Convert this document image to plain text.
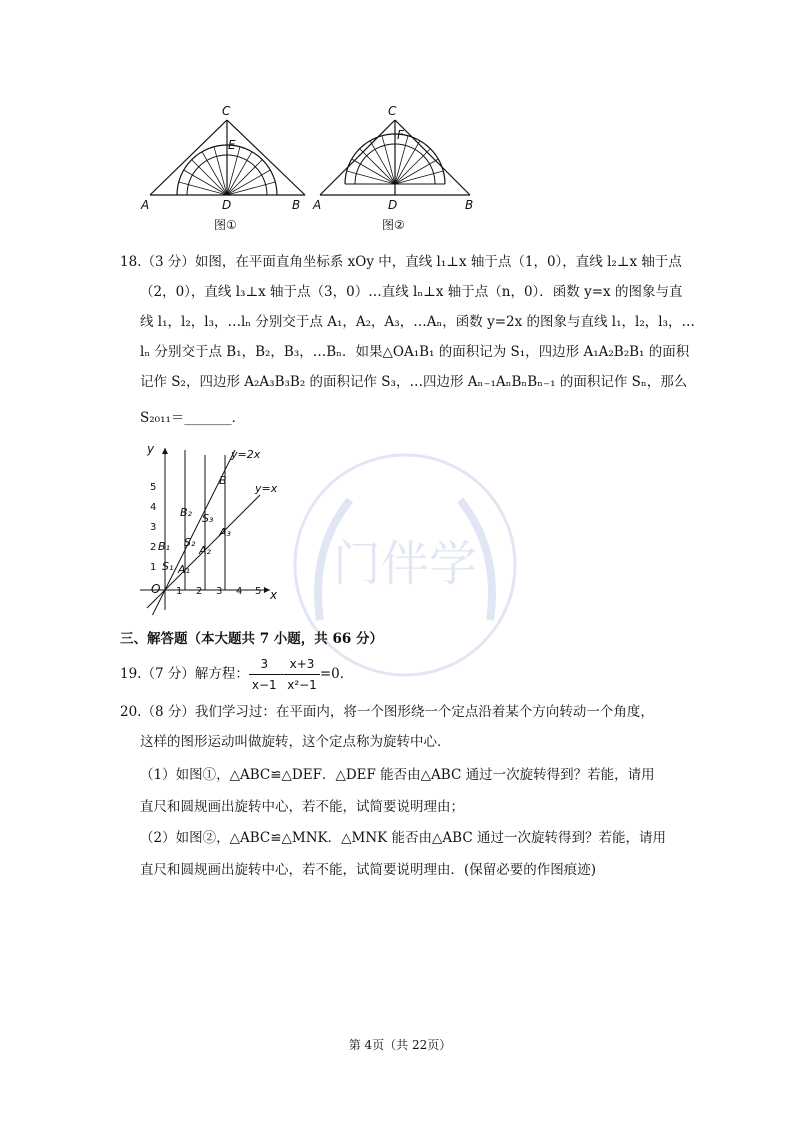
门伴学
A	B
C
D
E
图①
A	B
C
D
F
图②
18.（3 分）如图，在平面直角坐标系 xOy 中，直线 l₁⊥x 轴于点（1，0），直线 l₂⊥x 轴于点
（2，0），直线 l₃⊥x 轴于点（3，0）…直线 lₙ⊥x 轴于点（n，0）．函数 y=x 的图象与直
线 l₁，l₂，l₃，…lₙ 分别交于点 A₁，A₂，A₃，…Aₙ，函数 y=2x 的图象与直线 l₁，l₂，l₃，…
lₙ 分别交于点 B₁，B₂，B₃，…Bₙ．如果△OA₁B₁ 的面积记为 S₁，四边形 A₁A₂B₂B₁ 的面积
记作 S₂，四边形 A₂A₃B₃B₂ 的面积记作 S₃，…四边形 Aₙ₋₁AₙBₙBₙ₋₁ 的面积记作 Sₙ，那么
S₂₀₁₁＝_______．
y
x
O
y=2x
y=x
1 2 3 4 5
1
2
3
4
5
B₁
B₂
B
A₁
A₂
A₃
S₁
S₂
S₃
三、解答题（本大题共 7 小题，共 66 分）
19.（7 分）解方程： $\frac{3}{x-1} - \frac{x+3}{\text{x²−1}} =0$．
20.（8 分）我们学习过：在平面内，将一个图形绕一个定点沿着某个方向转动一个角度，
这样的图形运动叫做旋转，这个定点称为旋转中心．
（1）如图①，△ABC≌△DEF．△DEF 能否由△ABC 通过一次旋转得到？若能，请用
直尺和圆规画出旋转中心，若不能，试简要说明理由；
（2）如图②，△ABC≌△MNK．△MNK 能否由△ABC 通过一次旋转得到？若能，请用
直尺和圆规画出旋转中心，若不能，试简要说明理由．(保留必要的作图痕迹)
第 4页（共 22页）
